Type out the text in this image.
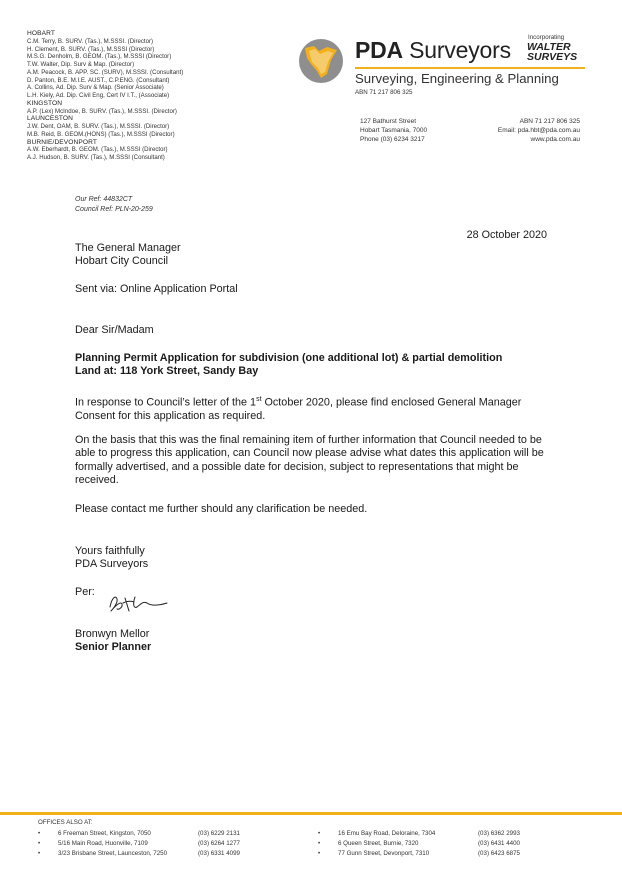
HOBART
C.M. Terry, B. SURV. (Tas.), M.SSSI. (Director)
H. Clement, B. SURV. (Tas.), M.SSSI (Director)
M.S.G. Denholm, B. GEOM. (Tas.), M.SSSI (Director)
T.W. Walter, Dip. Surv & Map. (Director)
A.M. Peacock, B. APP. SC. (SURV), M.SSSI. (Consultant)
D. Panton, B.E. M.I.E. AUST., C.P.ENG. (Consultant)
A. Collins, Ad. Dip. Surv & Map. (Senior Associate)
L.H. Kiely, Ad. Dip. Civil Eng, Cert IV I.T., (Associate)
KINGSTON
A.P. (Lex) McIndoe, B. SURV. (Tas.), M.SSSI. (Director)
LAUNCESTON
J.W. Dent, OAM, B. SURV. (Tas.), M.SSSI. (Director)
M.B. Reid, B. GEOM.(HONS) (Tas.), M.SSSI (Director)
BURNIE/DEVONPORT
A.W. Eberhardt, B. GEOM. (Tas.), M.SSSI (Director)
A.J. Hudson, B. SURV. (Tas.), M.SSSI (Consultant)
PDA Surveyors	Incorporating
WALTER
SURVEYS
Surveying, Engineering & Planning
ABN 71 217 806 325
127 Bathurst Street
Hobart Tasmania, 7000
Phone (03) 6234 3217
ABN 71 217 806 325
Email: pda.hbt@pda.com.au
www.pda.com.au
Our Ref: 44832CT
Council Ref: PLN-20-259
28 October 2020
The General Manager
Hobart City Council
Sent via: Online Application Portal
Dear Sir/Madam
Planning Permit Application for subdivision (one additional lot) & partial demolition
Land at: 118 York Street, Sandy Bay
In response to Council’s letter of the 1st October 2020, please find enclosed General Manager Consent for this application as required.
On the basis that this was the final remaining item of further information that Council needed to be able to progress this application, can Council now please advise what dates this application will be formally advertised, and a possible date for decision, subject to representations that might be received.
Please contact me further should any clarification be needed.
Yours faithfully
PDA Surveyors
Per:
Bronwyn Mellor
Senior Planner
OFFICES ALSO AT:
•	6 Freeman Street, Kingston, 7050	(03) 6229 2131
•	5/16 Main Road, Huonville, 7109	(03) 6264 1277
•	3/23 Brisbane Street, Launceston, 7250	(03) 6331 4099
•	16 Emu Bay Road, Deloraine, 7304	(03) 6362 2993
•	6 Queen Street, Burnie, 7320	(03) 6431 4400
•	77 Gunn Street, Devonport, 7310	(03) 6423 6875
